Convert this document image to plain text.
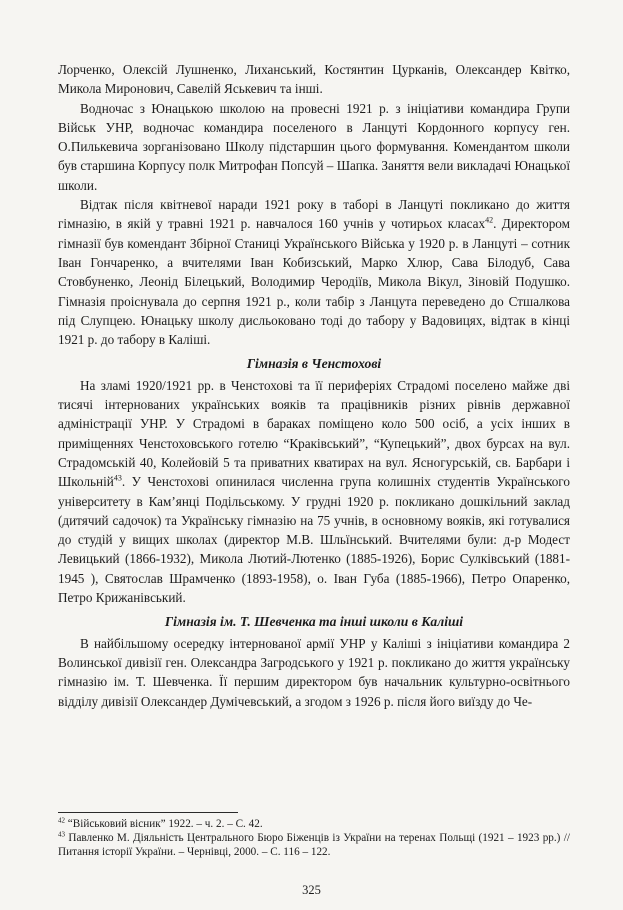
Лорченко, Олексій Лушненко, Лиханський, Костянтин Цурканів, Олександер Квітко, Микола Миронович, Савелій Яськевич та інші.

Водночас з Юнацькою школою на провесні 1921 р. з ініціативи командира Групи Військ УНР, водночас командира поселеного в Ланцуті Кордонного корпусу ген. О.Пилькевича зорганізовано Школу підстаршин цього формування. Комендантом школи був старшина Корпусу полк Митрофан Попсуй – Шапка. Заняття вели викладачі Юнацької школи.

Відтак після квітневої наради 1921 року в таборі в Ланцуті покликано до життя гімназію, в якій у травні 1921 р. навчалося 160 учнів у чотирьох класах$^{42}$. Директором гімназії був комендант Збірної Станиці Українського Війська у 1920 р. в Ланцуті – сотник Іван Гончаренко, а вчителями Іван Кобизський, Марко Хлюр, Сава Білодуб, Сава Стовбуненко, Леонід Білецький, Володимир Черодіїв, Микола Вікул, Зіновій Подушко. Гімназія проіснувала до серпня 1921 р., коли табір з Ланцута переведено до Стшалкова під Слупцею. Юнацьку школу дисльоковано тоді до табору у Вадовицях, відтак в кінці 1921 р. до табору в Каліші.

Гімназія в Ченстохові

На зламі 1920/1921 рр. в Ченстохові та її периферіях Страдомі поселено майже дві тисячі інтернованих українських вояків та працівників різних рівнів державної адміністрації УНР. У Страдомі в бараках поміщено коло 500 осіб, а усіх інших в приміщеннях Ченстоховського готелю “Краківський”, “Купецький”, двох бурсах на вул. Страдомській 40, Колейовій 5 та приватних кватирах на вул. Ясногурській, св. Барбари і Школьній$^{43}$. У Ченстохові опинилася численна група колишніх студентів Українського університету в Кам’янці Подільському. У грудні 1920 р. покликано дошкільний заклад (дитячий садочок) та Українську гімназію на 75 учнів, в основному вояків, які готувалися до студій у вищих школах (директор М.В. Шльїнський. Вчителями були: д-р Модест Левицький (1866-1932), Микола Лютий-Лютенко (1885-1926), Борис Сулківський (1881-1945 ), Святослав Шрамченко (1893-1958), о. Іван Губа (1885-1966), Петро Опаренко, Петро Крижанівський.

Гімназія ім. Т. Шевченка та інші школи в Каліші

В найбільшому осередку інтернованої армії УНР у Каліші з ініціативи командира 2 Волинської дивізії ген. Олександра Загродського у 1921 р. покликано до життя українську гімназію ім. Т. Шевченка. Її першим директором був начальник культурно-освітнього відділу дивізії Олександер Думічевський, а згодом з 1926 р. після його виїзду до Че-

$^{42}$ “Військовий вісник” 1922. – ч. 2. – С. 42.

$^{43}$ Павленко М. Діяльність Центрального Бюро Біженців із України на теренах Польщі (1921 – 1923 рр.) // Питання історії України. – Чернівці, 2000. – С. 116 – 122.

325
